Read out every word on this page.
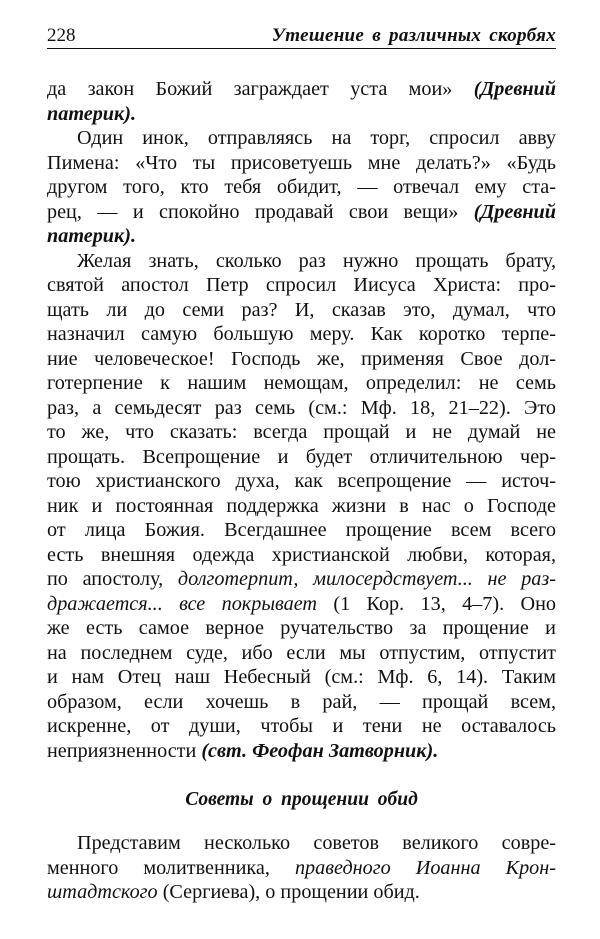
228	Утешение в различных скорбях
да закон Божий заграждает уста мои» (Древний
патерик).
Один инок, отправляясь на торг, спросил авву
Пимена: «Что ты присоветуешь мне делать?» «Будь
другом того, кто тебя обидит, — отвечал ему ста-
рец, — и спокойно продавай свои вещи» (Древний
патерик).
Желая знать, сколько раз нужно прощать брату,
святой апостол Петр спросил Иисуса Христа: про-
щать ли до семи раз? И, сказав это, думал, что
назначил самую большую меру. Как коротко терпе-
ние человеческое! Господь же, применяя Свое дол-
готерпение к нашим немощам, определил: не семь
раз, а семьдесят раз семь (см.: Мф. 18, 21–22). Это
то же, что сказать: всегда прощай и не думай не
прощать. Всепрощение и будет отличительною чер-
тою христианского духа, как всепрощение — источ-
ник и постоянная поддержка жизни в нас о Господе
от лица Божия. Всегдашнее прощение всем всего
есть внешняя одежда христианской любви, которая,
по апостолу, долготерпит, милосердствует... не раз-
дражается... все покрывает (1 Кор. 13, 4–7). Оно
же есть самое верное ручательство за прощение и
на последнем суде, ибо если мы отпустим, отпустит
и нам Отец наш Небесный (см.: Мф. 6, 14). Таким
образом, если хочешь в рай, — прощай всем,
искренне, от души, чтобы и тени не оставалось
неприязненности (свт. Феофан Затворник).
Советы о прощении обид
Представим несколько советов великого совре-
менного молитвенника, праведного Иоанна Крон-
штадтского (Сергиева), о прощении обид.
